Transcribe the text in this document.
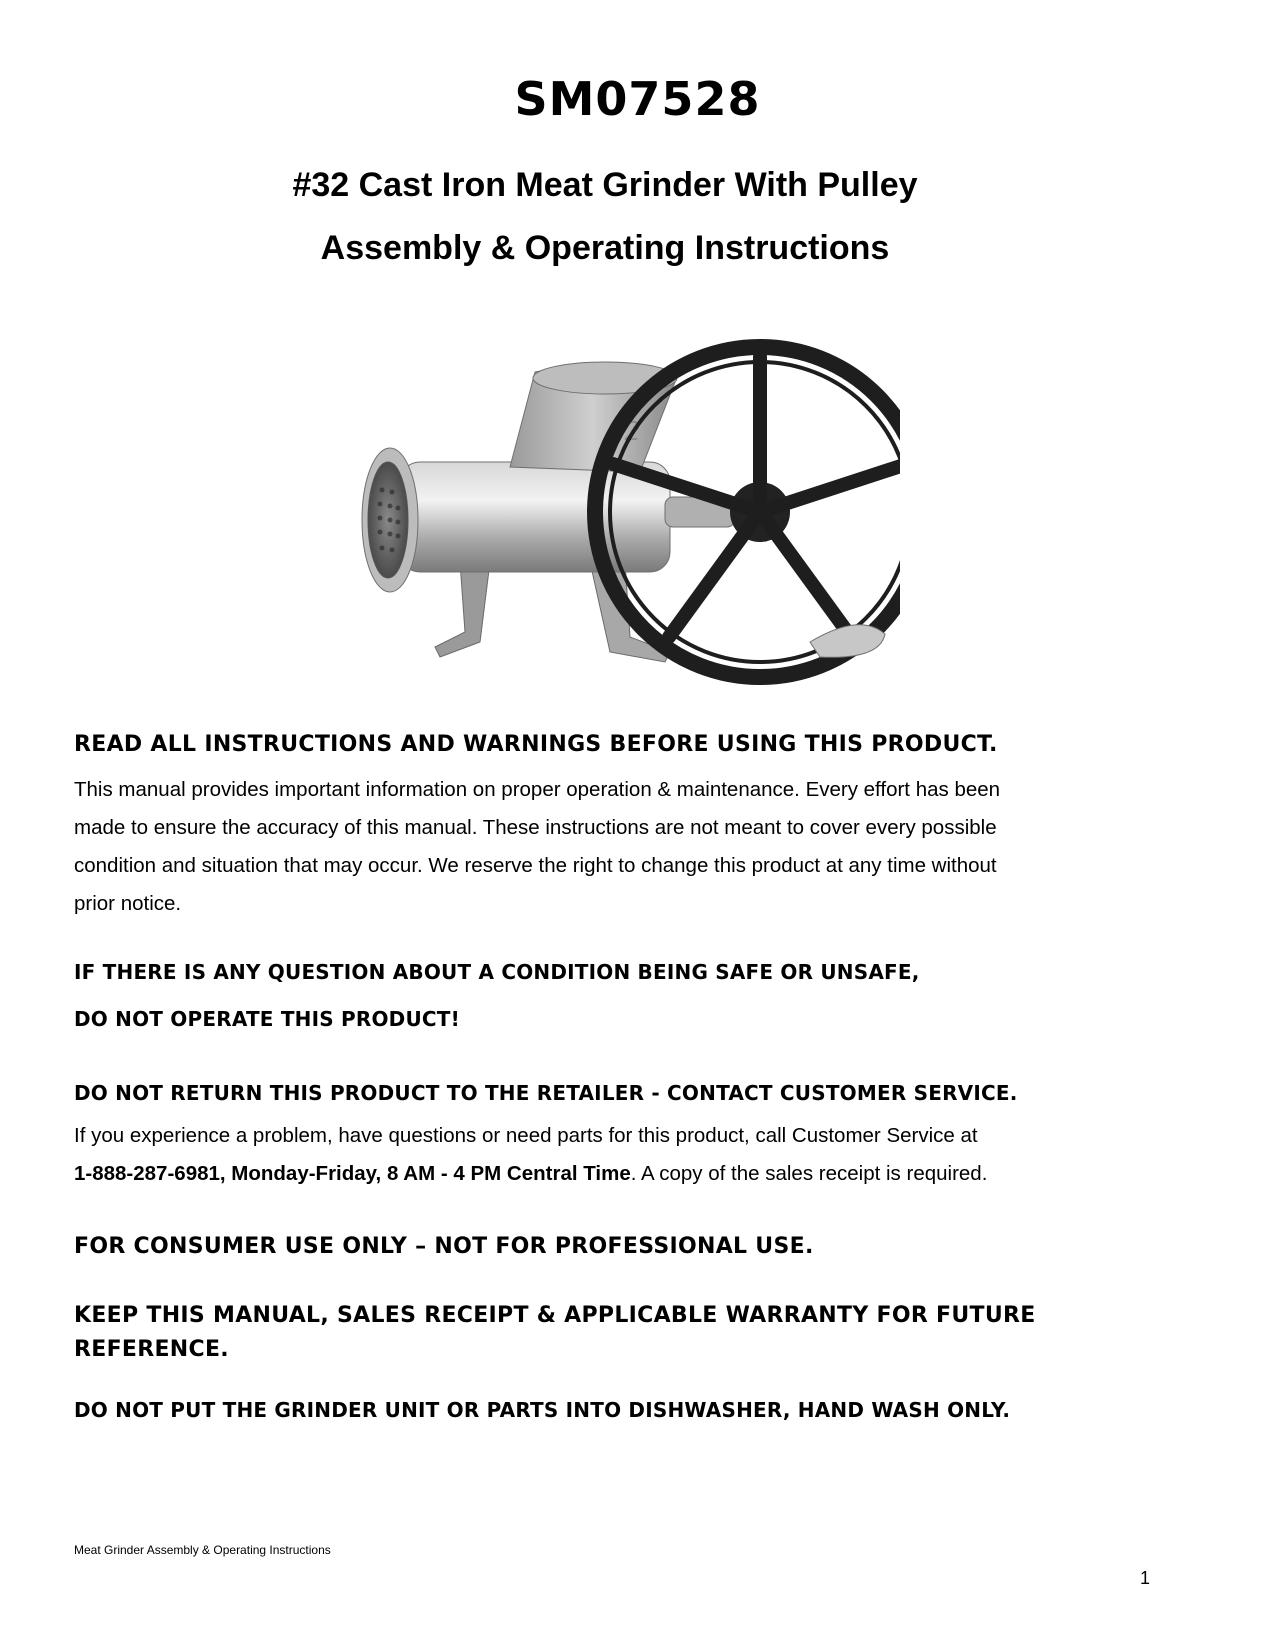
SM07528
#32 Cast Iron Meat Grinder With Pulley
Assembly & Operating Instructions
32
READ ALL INSTRUCTIONS AND WARNINGS BEFORE USING THIS PRODUCT.
This manual provides important information on proper operation & maintenance. Every effort has been
made to ensure the accuracy of this manual. These instructions are not meant to cover every possible
condition and situation that may occur. We reserve the right to change this product at any time without
prior notice.
IF THERE IS ANY QUESTION ABOUT A CONDITION BEING SAFE OR UNSAFE,
DO NOT OPERATE THIS PRODUCT!
DO NOT RETURN THIS PRODUCT TO THE RETAILER - CONTACT CUSTOMER SERVICE.
If you experience a problem, have questions or need parts for this product, call Customer Service at
1-888-287-6981, Monday-Friday, 8 AM - 4 PM Central Time. A copy of the sales receipt is required.
FOR CONSUMER USE ONLY – NOT FOR PROFESSIONAL USE.
KEEP THIS MANUAL, SALES RECEIPT & APPLICABLE WARRANTY FOR FUTURE
REFERENCE.
DO NOT PUT THE GRINDER UNIT OR PARTS INTO DISHWASHER, HAND WASH ONLY.
Meat Grinder Assembly & Operating Instructions
1
